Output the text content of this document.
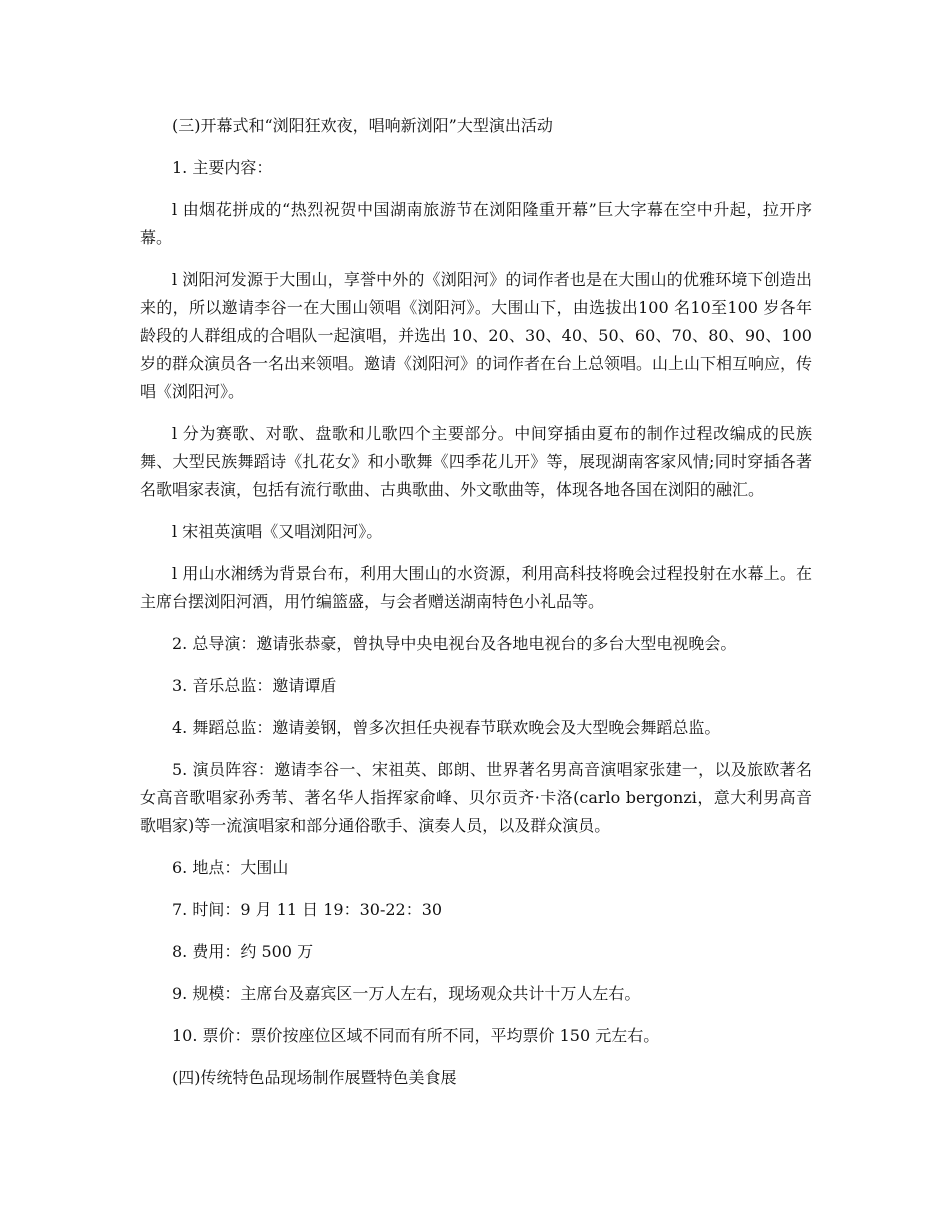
(三)开幕式和“浏阳狂欢夜，唱响新浏阳”大型演出活动

1. 主要内容：

l 由烟花拼成的“热烈祝贺中国湖南旅游节在浏阳隆重开幕”巨大字幕在空中升起，拉开序幕。

l 浏阳河发源于大围山，享誉中外的《浏阳河》的词作者也是在大围山的优雅环境下创造出来的，所以邀请李谷一在大围山领唱《浏阳河》。大围山下，由选拔出100 名10至100 岁各年龄段的人群组成的合唱队一起演唱，并选出 10、20、30、40、50、60、70、80、90、100 岁的群众演员各一名出来领唱。邀请《浏阳河》的词作者在台上总领唱。山上山下相互响应，传唱《浏阳河》。

l 分为赛歌、对歌、盘歌和儿歌四个主要部分。中间穿插由夏布的制作过程改编成的民族舞、大型民族舞蹈诗《扎花女》和小歌舞《四季花儿开》等，展现湖南客家风情;同时穿插各著名歌唱家表演，包括有流行歌曲、古典歌曲、外文歌曲等，体现各地各国在浏阳的融汇。

l 宋祖英演唱《又唱浏阳河》。

l 用山水湘绣为背景台布，利用大围山的水资源，利用高科技将晚会过程投射在水幕上。在主席台摆浏阳河酒，用竹编篮盛，与会者赠送湖南特色小礼品等。

2. 总导演：邀请张恭豪，曾执导中央电视台及各地电视台的多台大型电视晚会。

3. 音乐总监：邀请谭盾

4. 舞蹈总监：邀请姜钢，曾多次担任央视春节联欢晚会及大型晚会舞蹈总监。

5. 演员阵容：邀请李谷一、宋祖英、郎朗、世界著名男高音演唱家张建一，以及旅欧著名女高音歌唱家孙秀苇、著名华人指挥家俞峰、贝尔贡齐·卡洛(carlo bergonzi，意大利男高音歌唱家)等一流演唱家和部分通俗歌手、演奏人员，以及群众演员。

6. 地点：大围山

7. 时间：9 月 11 日 19：30-22：30

8. 费用：约 500 万

9. 规模：主席台及嘉宾区一万人左右，现场观众共计十万人左右。

10. 票价：票价按座位区域不同而有所不同，平均票价 150 元左右。

(四)传统特色品现场制作展暨特色美食展
